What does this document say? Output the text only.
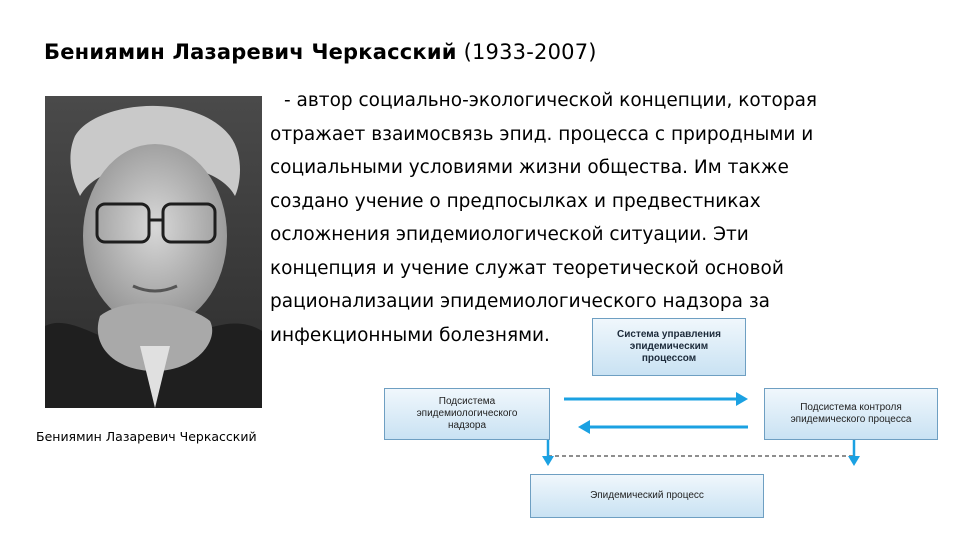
Бениямин Лазаревич Черкасский (1933-2007)
Бениямин Лазаревич Черкасский
- автор социально-экологической концепции, которая
отражает взаимосвязь эпид. процесса с природными и
социальными условиями жизни общества. Им также
создано учение о предпосылках и предвестниках
осложнения эпидемиологической ситуации. Эти
концепция и учение служат теоретической основой
рационализации эпидемиологического надзора за
инфекционными болезнями.	Система управления
эпидемическим
процессом
Подсистема
эпидемиологического
надзора
Подсистема контроля
эпидемического процесса
Эпидемический процесс
